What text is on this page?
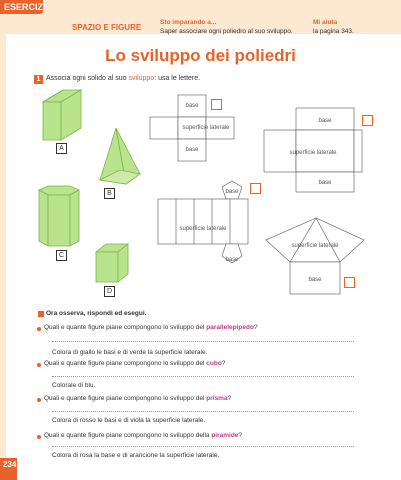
ESERCIZI
SPAZIO E FIGURE
Sto imparando a...
Saper associare ogni poliedro al suo sviluppo.
Mi aiuta
la pagina 343.
Lo sviluppo dei poliedri
1 Associa ogni solido al suo sviluppo: usa le lettere.
A
B
C
D
base
superficie laterale
base
base
superficie laterale
base
base
superficie laterale
base
superficie laterale
base
Ora osserva, rispondi ed esegui.
Quali e quante figure piane compongono lo sviluppo del parallelepipedo?
Colora di giallo le basi e di verde la superficie laterale.
Quali e quante figure piane compongono lo sviluppo del cubo?
Colorale di blu.
Quali e quante figure piane compongono lo sviluppo del prisma?
Colora di rosso le basi e di viola la superficie laterale.
Quali e quante figure piane compongono lo sviluppo della piramide?
Colora di rosa la base e di arancione la superficie laterale.
234
